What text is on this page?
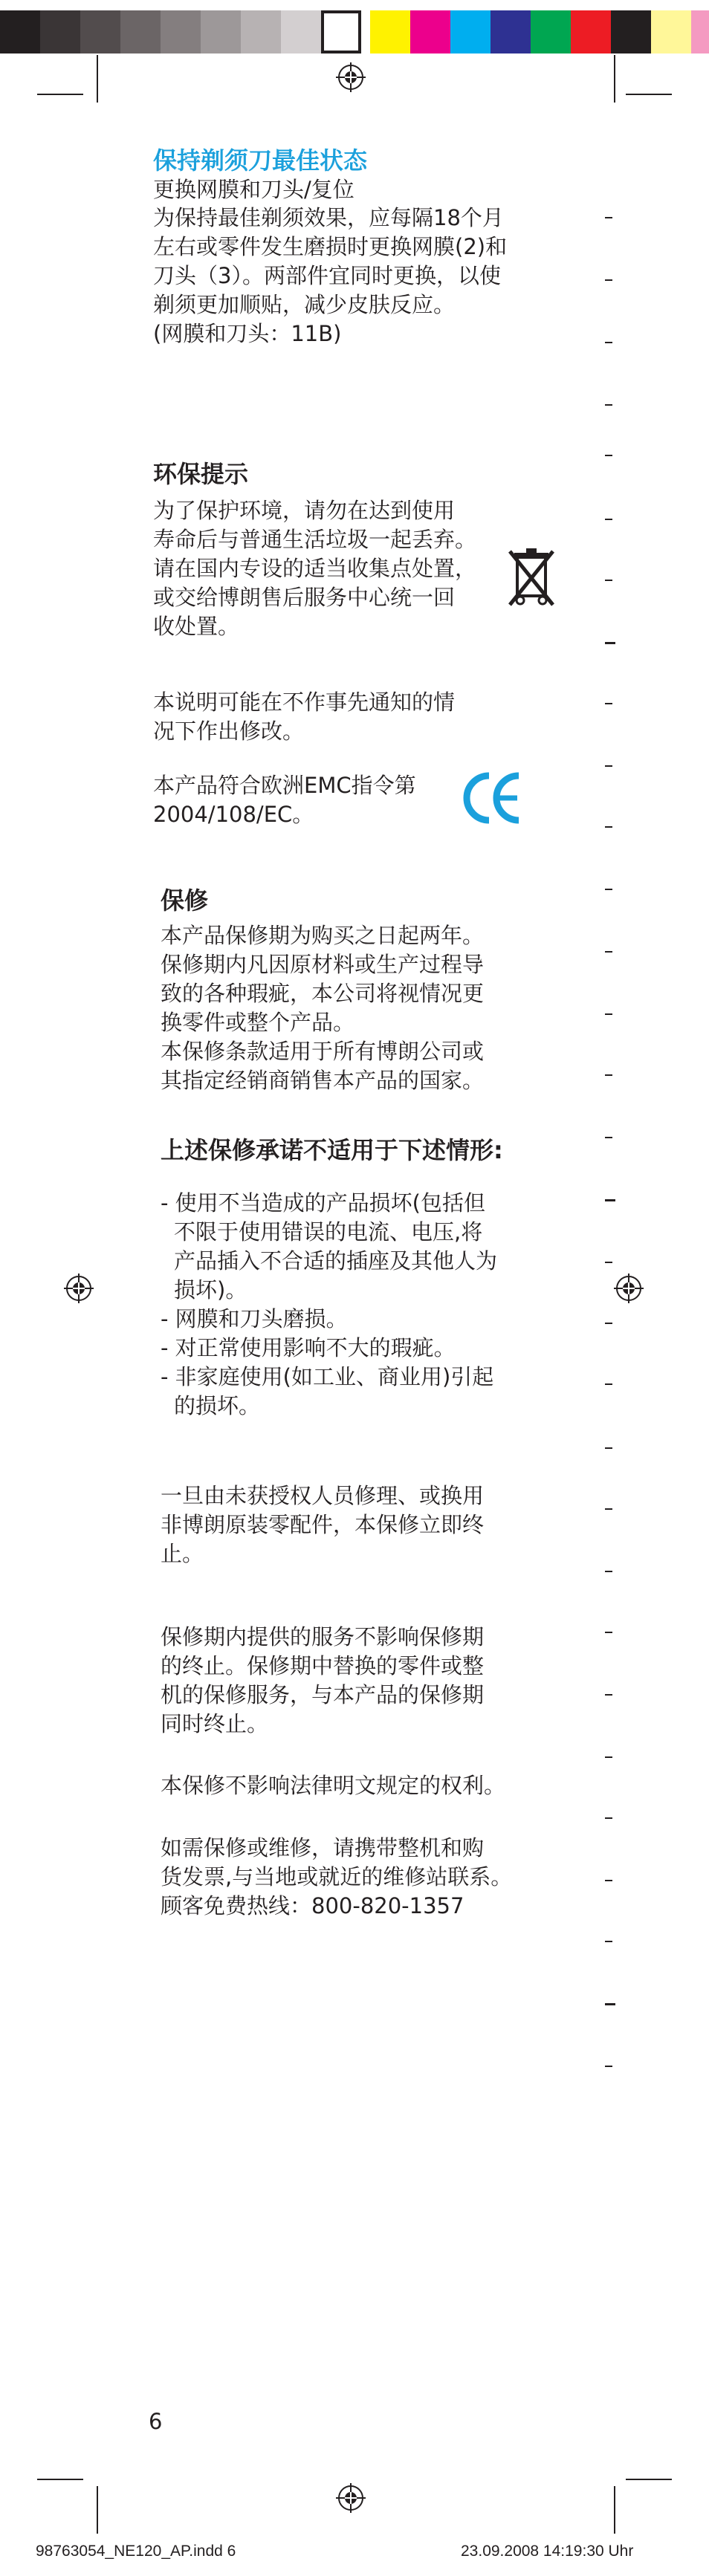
保持剃须刀最佳状态
更换网膜和刀头/复位
为保持最佳剃须效果，应每隔18个月
左右或零件发生磨损时更换网膜(2)和
刀头（3）。两部件宜同时更换，以使
剃须更加顺贴，减少皮肤反应。
(网膜和刀头：11B)
环保提示
为了保护环境，请勿在达到使用
寿命后与普通生活垃圾一起丢弃。
请在国内专设的适当收集点处置，
或交给博朗售后服务中心统一回
收处置。
本说明可能在不作事先通知的情
况下作出修改。
本产品符合欧洲EMC指令第
2004/108/EC。
保修
本产品保修期为购买之日起两年。
保修期内凡因原材料或生产过程导
致的各种瑕疵，本公司将视情况更
换零件或整个产品。
本保修条款适用于所有博朗公司或
其指定经销商销售本产品的国家。
上述保修承诺不适用于下述情形:
- 使用不当造成的产品损坏(包括但
不限于使用错误的电流、电压,将
产品插入不合适的插座及其他人为
损坏)。
- 网膜和刀头磨损。
- 对正常使用影响不大的瑕疵。
- 非家庭使用(如工业、商业用)引起
的损坏。
一旦由未获授权人员修理、或换用
非博朗原装零配件，本保修立即终
止。
保修期内提供的服务不影响保修期
的终止。保修期中替换的零件或整
机的保修服务，与本产品的保修期
同时终止。
本保修不影响法律明文规定的权利。
如需保修或维修，请携带整机和购
货发票,与当地或就近的维修站联系。
顾客免费热线：800-820-1357
6
98763054_NE120_AP.indd 6	23.09.2008 14:19:30 Uhr
